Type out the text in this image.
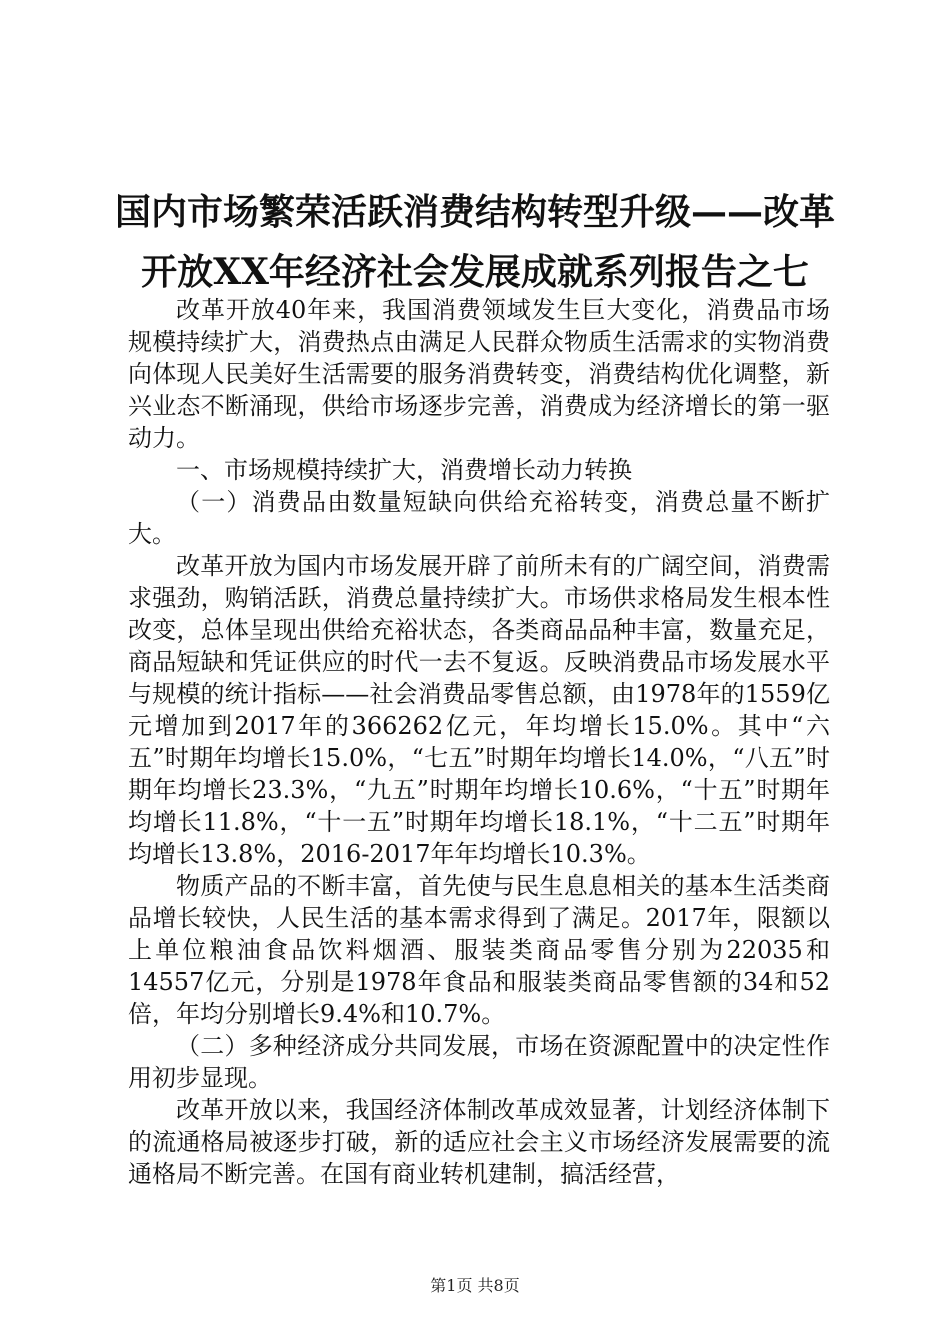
国内市场繁荣活跃消费结构转型升级——改革
开放XX年经济社会发展成就系列报告之七

改革开放40年来，我国消费领域发生巨大变化，消费品市场规模持续扩大，消费热点由满足人民群众物质生活需求的实物消费向体现人民美好生活需要的服务消费转变，消费结构优化调整，新兴业态不断涌现，供给市场逐步完善，消费成为经济增长的第一驱动力。

一、市场规模持续扩大，消费增长动力转换

（一）消费品由数量短缺向供给充裕转变，消费总量不断扩大。

改革开放为国内市场发展开辟了前所未有的广阔空间，消费需求强劲，购销活跃，消费总量持续扩大。市场供求格局发生根本性改变，总体呈现出供给充裕状态，各类商品品种丰富，数量充足，商品短缺和凭证供应的时代一去不复返。反映消费品市场发展水平与规模的统计指标——社会消费品零售总额，由1978年的1559亿元增加到2017年的366262亿元，年均增长15.0%。其中“六五”时期年均增长15.0%，“七五”时期年均增长14.0%，“八五”时期年均增长23.3%，“九五”时期年均增长10.6%，“十五”时期年均增长11.8%，“十一五”时期年均增长18.1%，“十二五”时期年均增长13.8%，2016-2017年年均增长10.3%。

物质产品的不断丰富，首先使与民生息息相关的基本生活类商品增长较快，人民生活的基本需求得到了满足。2017年，限额以上单位粮油食品饮料烟酒、服装类商品零售分别为22035和14557亿元，分别是1978年食品和服装类商品零售额的34和52倍，年均分别增长9.4%和10.7%。

（二）多种经济成分共同发展，市场在资源配置中的决定性作用初步显现。

改革开放以来，我国经济体制改革成效显著，计划经济体制下的流通格局被逐步打破，新的适应社会主义市场经济发展需要的流通格局不断完善。在国有商业转机建制，搞活经营，

第1页 共8页
